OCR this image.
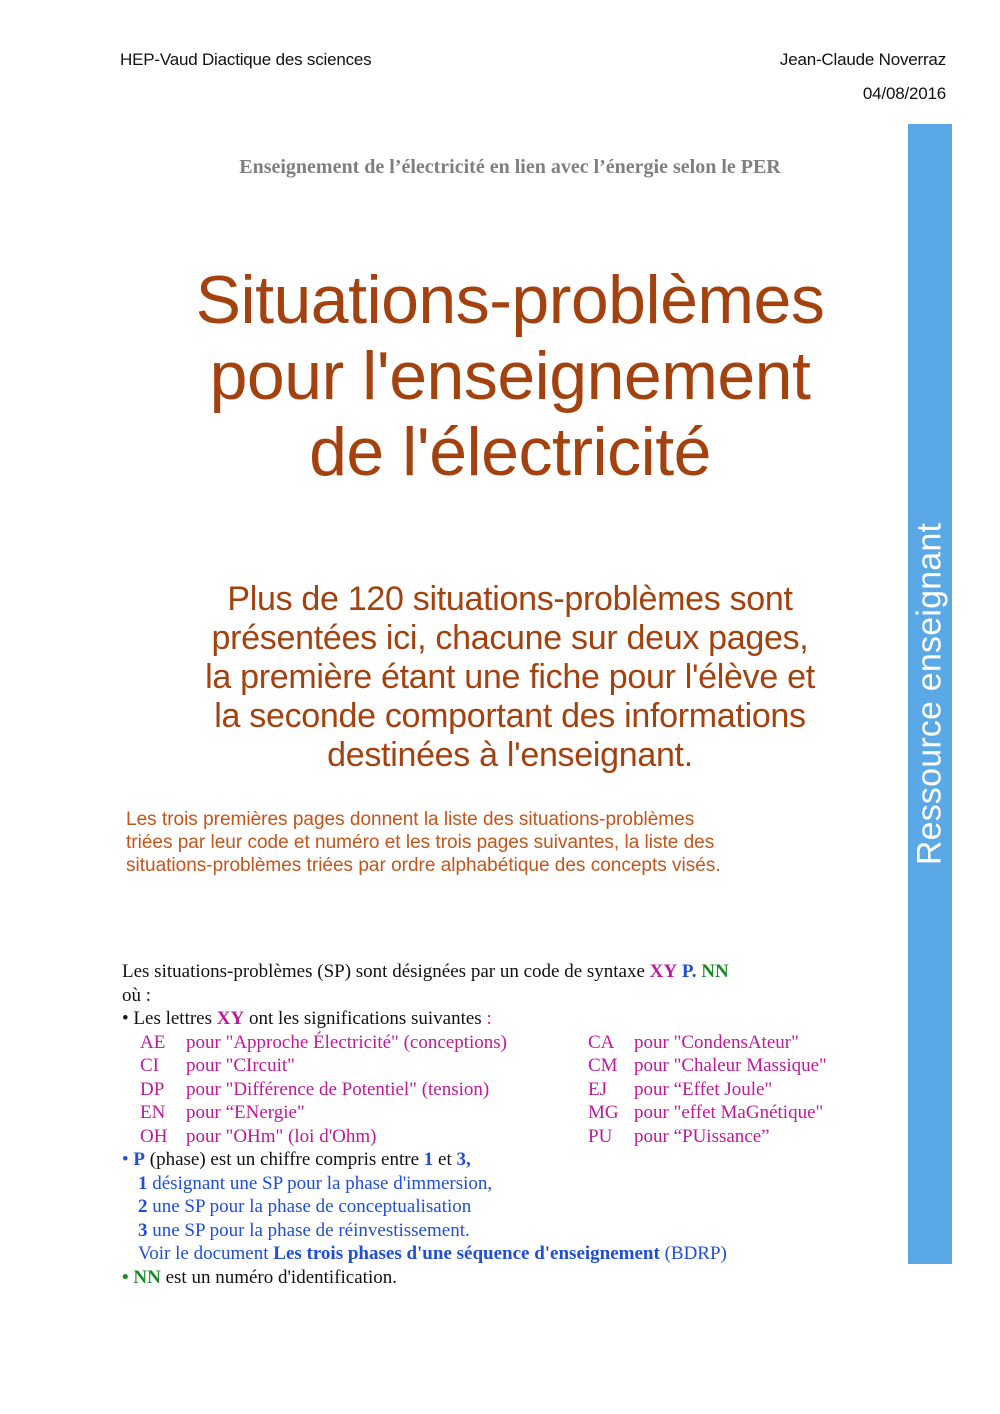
HEP-Vaud Diactique des sciences	Jean-Claude Noverraz
04/08/2016
Ressource enseignant
Enseignement de l’électricité en lien avec l’énergie selon le PER
Situations-problèmes
pour l'enseignement
de l'électricité
Plus de 120 situations-problèmes sont
présentées ici, chacune sur deux pages,
la première étant une fiche pour l'élève et
la seconde comportant des informations
destinées à l'enseignant.
Les trois premières pages donnent la liste des situations-problèmes
triées par leur code et numéro et les trois pages suivantes, la liste des
situations-problèmes triées par ordre alphabétique des concepts visés.
Les situations-problèmes (SP) sont désignées par un code de syntaxe XY P. NN
où :
• Les lettres XY ont les significations suivantes :
AE pour "Approche Électricité" (conceptions)	CA pour "CondensAteur"
CI pour "CIrcuit"	CM pour "Chaleur Massique"
DP pour "Différence de Potentiel" (tension)	EJ pour “Effet Joule"
EN pour “ENergie"	MG pour "effet MaGnétique"
OH pour "OHm" (loi d'Ohm)	PU pour “PUissance”
• P (phase) est un chiffre compris entre 1 et 3,
1 désignant une SP pour la phase d'immersion,
2 une SP pour la phase de conceptualisation
3 une SP pour la phase de réinvestissement.
Voir le document Les trois phases d'une séquence d'enseignement (BDRP)
• NN est un numéro d'identification.
